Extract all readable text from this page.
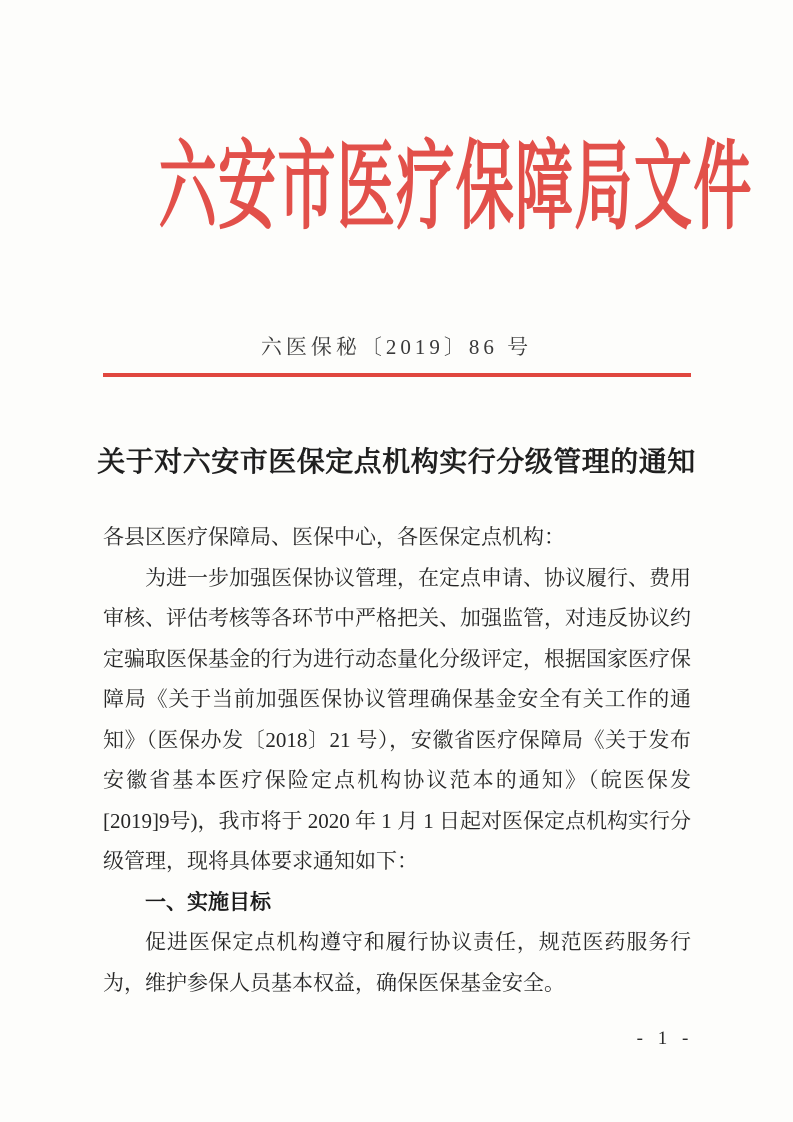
六安市医疗保障局文件
六医保秘〔2019〕86 号
关于对六安市医保定点机构实行分级管理的通知

各县区医疗保障局、医保中心，各医保定点机构：

为进一步加强医保协议管理，在定点申请、协议履行、费用审核、评估考核等各环节中严格把关、加强监管，对违反协议约定骗取医保基金的行为进行动态量化分级评定，根据国家医疗保障局《关于当前加强医保协议管理确保基金安全有关工作的通知》（医保办发〔2018〕21 号），安徽省医疗保障局《关于发布安徽省基本医疗保险定点机构协议范本的通知》（皖医保发[2019]9号)，我市将于 2020 年 1 月 1 日起对医保定点机构实行分级管理，现将具体要求通知如下：

一、实施目标

促进医保定点机构遵守和履行协议责任，规范医药服务行为，维护参保人员基本权益，确保医保基金安全。

- 1 -
